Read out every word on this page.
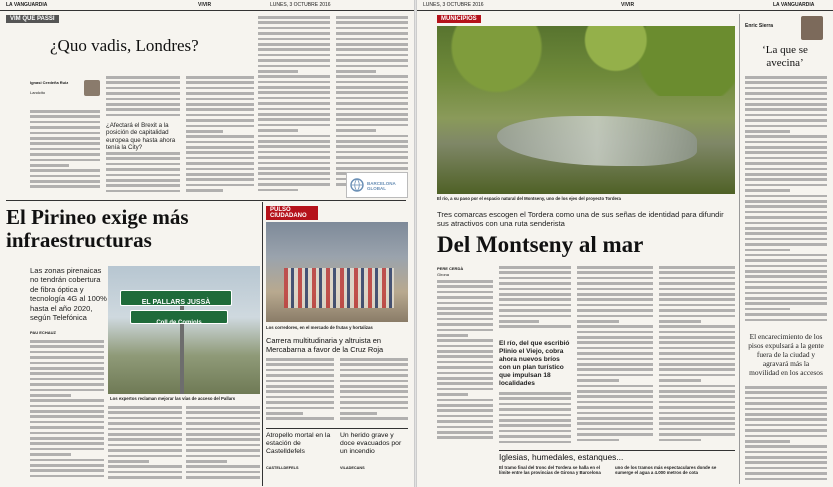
LA VANGUARDIA	VIVIR	LUNES, 3 OCTUBRE 2016
VIM QUE PASSI
¿Quo vadis, Londres?
Ignasi Cerdeña Ruiz
Landcito
¿Afectará el Brexit a la posición de capitalidad europea que hasta ahora tenía la City?
BARCELONA GLOBAL
El Pirineo exige más infraestructuras
Las zonas pirenaicas no tendrán cobertura de fibra óptica y tecnología 4G al 100% hasta el año 2020, según Telefónica
PAU ECHAUZ
EL PALLARS JUSSÀ
Coll de Comiols
Los expertos reclaman mejorar las vías de acceso del Pallars
PULSO CIUDADANO
Los corredores, en el mercado de frutas y hortalizas
Carrera multitudinaria y altruista en Mercabarna a favor de la Cruz Roja
Atropello mortal en la estación de Castelldefels
CASTELLDEFELS
Un herido grave y doce evacuados por un incendio
VILADECANS
LUNES, 3 OCTUBRE 2016	VIVIR	LA VANGUARDIA
MUNICIPIOS
El río, a su paso por el espacio natural del Montseny, uno de los ejes del proyecto Tordera
Tres comarcas escogen el Tordera como una de sus señas de identidad para difundir sus atractivos con una ruta senderista
Del Montseny al mar
PERE CERDÀ
Girona
El río, del que escribió Plinio el Viejo, cobra ahora nuevos bríos con un plan turístico que impulsan 18 localidades
Iglesias, humedales, estanques...
El tramo final del tronc del Tordera se halla en el límite entre las provincias de Girona y Barcelona
uno de los tramos más espectaculares donde se sumerge el agua a 4.000 metros de cota
Enric Sierra
‘La que se avecina’
El encarecimiento de los pisos expulsará a la gente fuera de la ciudad y agravará más la movilidad en los accesos
